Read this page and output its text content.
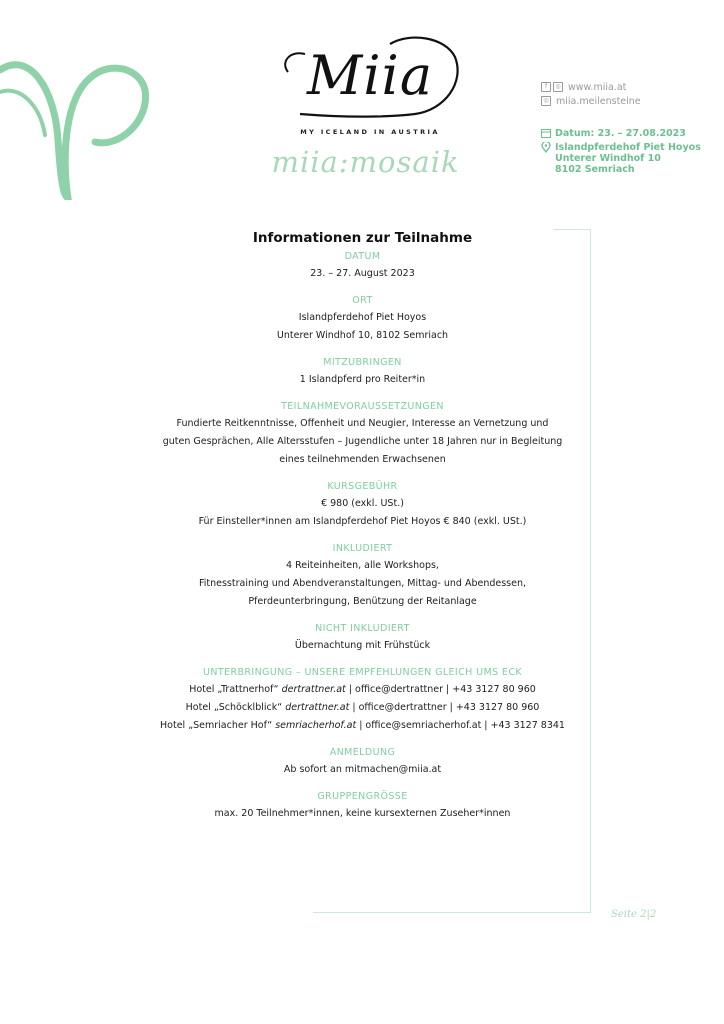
Miia
MY ICELAND IN AUSTRIA
miia:mosaik
f	◎ www.miia.at
◎ miia.meilensteine
Datum: 23. – 27.08.2023
Islandpferdehof Piet Hoyos
Unterer Windhof 10
8102 Semriach
Informationen zur Teilnahme
DATUM
23. – 27. August 2023
ORT
Islandpferdehof Piet Hoyos
Unterer Windhof 10, 8102 Semriach
MITZUBRINGEN
1 Islandpferd pro Reiter*in
TEILNAHMEVORAUSSETZUNGEN
Fundierte Reitkenntnisse, Offenheit und Neugier, Interesse an Vernetzung und
guten Gesprächen, Alle Altersstufen – Jugendliche unter 18 Jahren nur in Begleitung
eines teilnehmenden Erwachsenen
KURSGEBÜHR
€ 980 (exkl. USt.)
Für Einsteller*innen am Islandpferdehof Piet Hoyos € 840 (exkl. USt.)
INKLUDIERT
4 Reiteinheiten, alle Workshops,
Fitnesstraining und Abendveranstaltungen, Mittag- und Abendessen,
Pferdeunterbringung, Benützung der Reitanlage
NICHT INKLUDIERT
Übernachtung mit Frühstück
UNTERBRINGUNG – UNSERE EMPFEHLUNGEN GLEICH UMS ECK
Hotel „Trattnerhof“ dertrattner.at | office@dertrattner | +43 3127 80 960
Hotel „Schöcklblick“ dertrattner.at | office@dertrattner | +43 3127 80 960
Hotel „Semriacher Hof“ semriacherhof.at | office@semriacherhof.at | +43 3127 8341
ANMELDUNG
Ab sofort an mitmachen@miia.at
GRUPPENGRÖSSE
max. 20 Teilnehmer*innen, keine kursexternen Zuseher*innen
Seite 2|2
